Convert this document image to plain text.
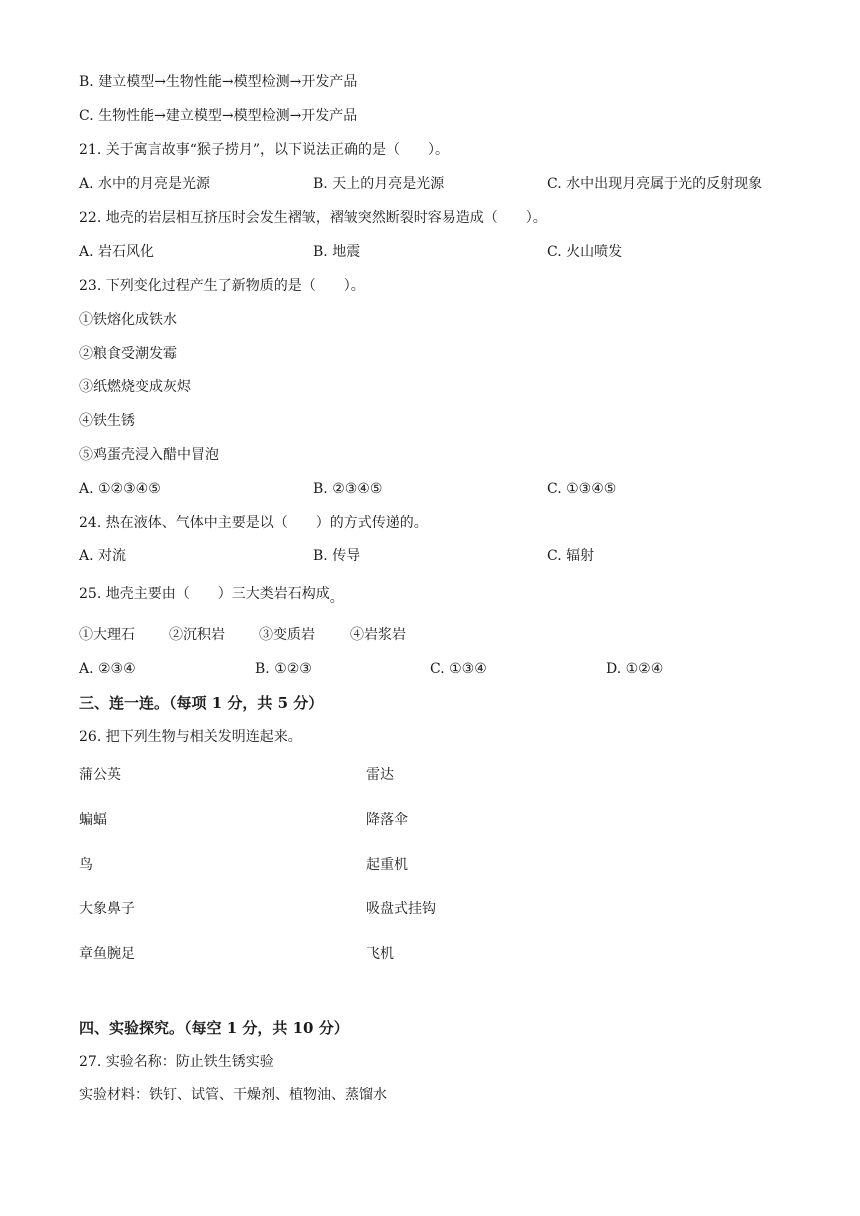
B. 建立模型→生物性能→模型检测→开发产品
C. 生物性能→建立模型→模型检测→开发产品
21. 关于寓言故事“猴子捞月”，以下说法正确的是（　　）。
A. 水中的月亮是光源	B. 天上的月亮是光源	C. 水中出现月亮属于光的反射现象
22. 地壳的岩层相互挤压时会发生褶皱，褶皱突然断裂时容易造成（　　）。
A. 岩石风化	B. 地震	C. 火山喷发
23. 下列变化过程产生了新物质的是（　　）。
①铁熔化成铁水
②粮食受潮发霉
③纸燃烧变成灰烬
④铁生锈
⑤鸡蛋壳浸入醋中冒泡
A. ①②③④⑤	B. ②③④⑤	C. ①③④⑤
24. 热在液体、气体中主要是以（　　）的方式传递的。
A. 对流	B. 传导	C. 辐射
25. 地壳主要由（　　）三大类岩石构成。
①大理石 ②沉积岩 ③变质岩	④岩浆岩
A. ②③④	B. ①②③	C. ①③④	D. ①②④
三、连一连。（每项 1 分，共 5 分）
26. 把下列生物与相关发明连起来。
蒲公英	雷达
蝙蝠	降落伞
鸟	起重机
大象鼻子	吸盘式挂钩
章鱼腕足	飞机
四、实验探究。（每空 1 分，共 10 分）
27. 实验名称：防止铁生锈实验
实验材料：铁钉、试管、干燥剂、植物油、蒸馏水
